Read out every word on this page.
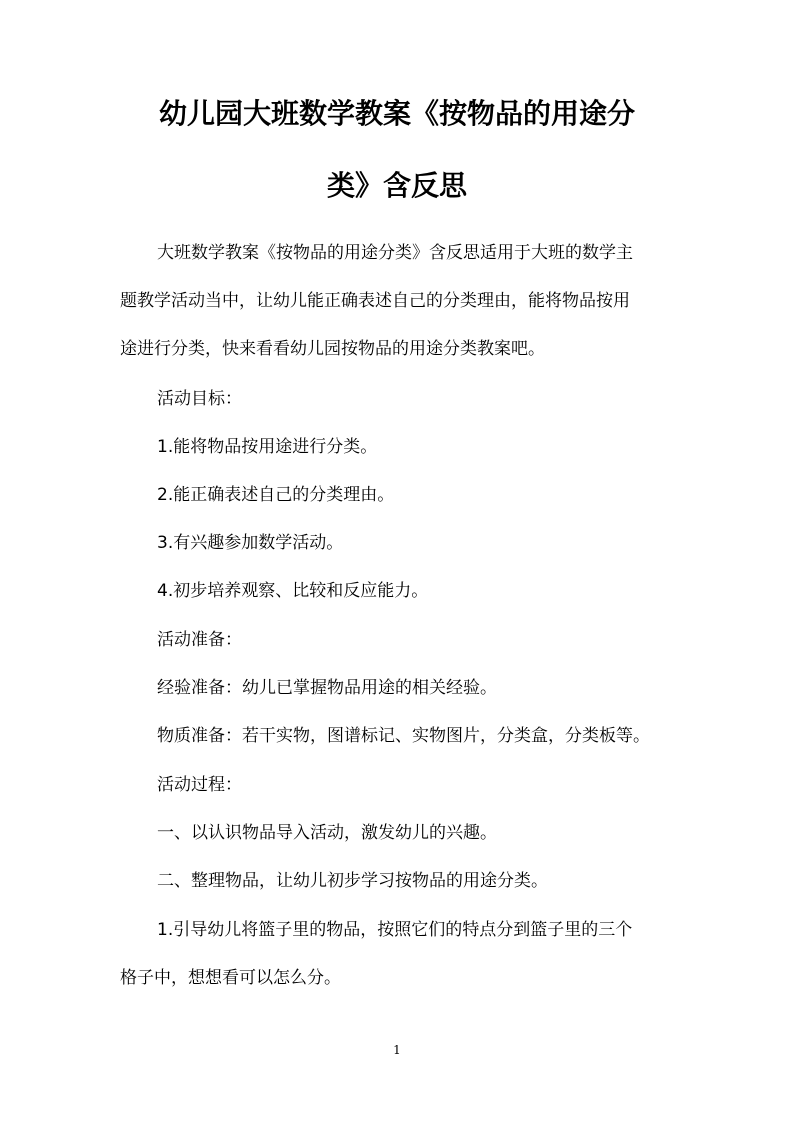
幼儿园大班数学教案《按物品的用途分
类》含反思
大班数学教案《按物品的用途分类》含反思适用于大班的数学主
题教学活动当中，让幼儿能正确表述自己的分类理由，能将物品按用
途进行分类，快来看看幼儿园按物品的用途分类教案吧。
活动目标：
1.能将物品按用途进行分类。
2.能正确表述自己的分类理由。
3.有兴趣参加数学活动。
4.初步培养观察、比较和反应能力。
活动准备：
经验准备：幼儿已掌握物品用途的相关经验。
物质准备：若干实物，图谱标记、实物图片，分类盒，分类板等。
活动过程：
一、以认识物品导入活动，激发幼儿的兴趣。
二、整理物品，让幼儿初步学习按物品的用途分类。
1.引导幼儿将篮子里的物品，按照它们的特点分到篮子里的三个
格子中，想想看可以怎么分。
1
